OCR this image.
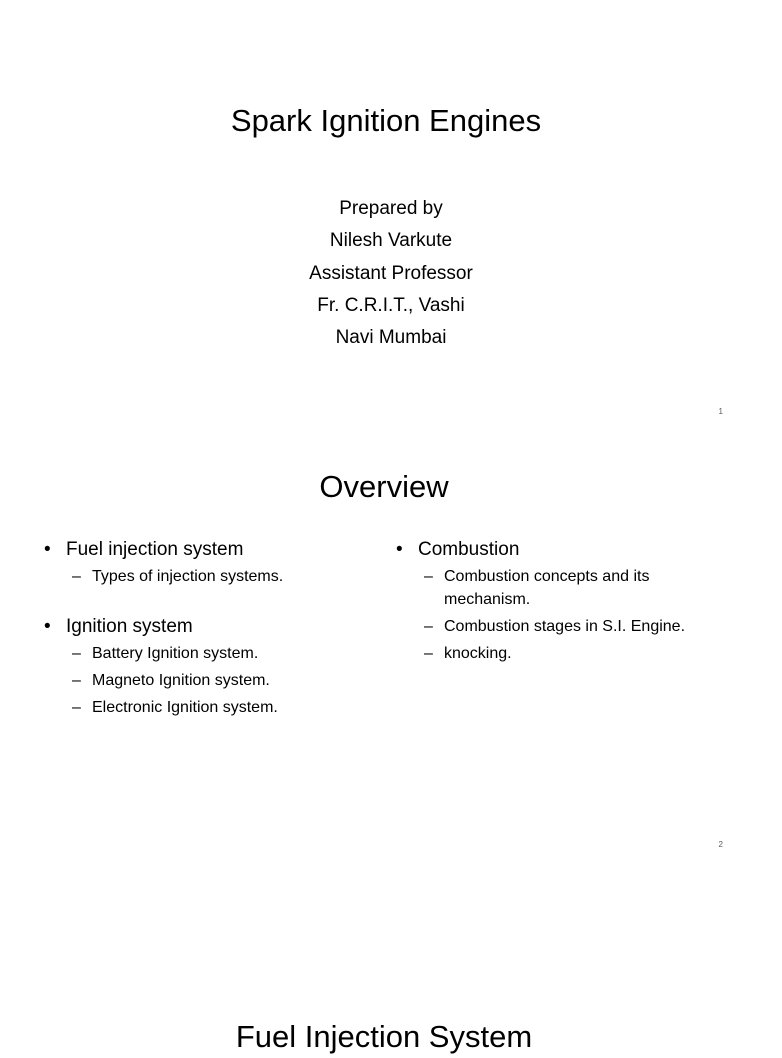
Spark Ignition Engines
Prepared by
Nilesh Varkute
Assistant Professor
Fr. C.R.I.T., Vashi
Navi Mumbai
1
Overview
• Fuel injection system
– Types of injection systems.
• Ignition system
– Battery Ignition system.
– Magneto Ignition system.
– Electronic Ignition system.
• Combustion
– Combustion concepts and its mechanism.
– Combustion stages in S.I. Engine.
– knocking.
2
Fuel Injection System
